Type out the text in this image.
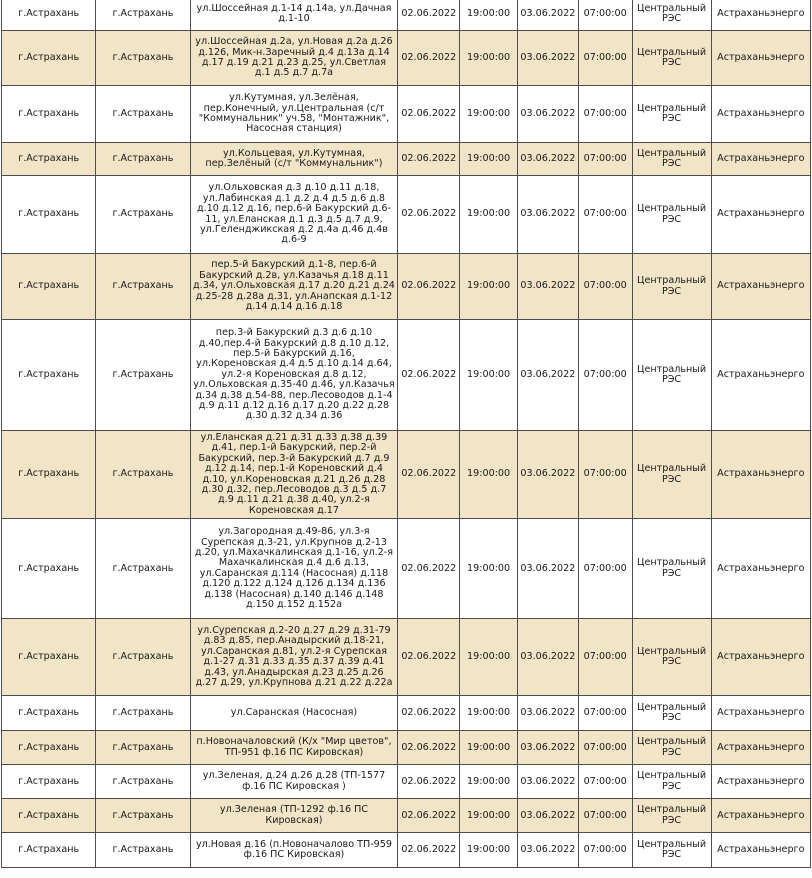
г.Астрахань	г.Астрахань	ул.Шоссейная д.1-14 д.14а, ул.Дачная д.1-10	02.06.2022	19:00:00	03.06.2022	07:00:00	Центральный РЭС	Астраханьэнерго
г.Астрахань	г.Астрахань	ул.Шоссейная д.2а, ул.Новая д.2а д.26 д.126, Мик-н.Заречный д.4 д.13а д.14 д.17 д.19 д.21 д.23 д.25, ул.Светлая д.1 д.5 д.7 д.7а	02.06.2022	19:00:00	03.06.2022	07:00:00	Центральный РЭС	Астраханьэнерго
г.Астрахань	г.Астрахань	ул.Кутумная, ул.Зелёная, пер.Конечный, ул.Центральная (с/т "Коммунальник" уч.58, "Монтажник", Насосная станция)	02.06.2022	19:00:00	03.06.2022	07:00:00	Центральный РЭС	Астраханьэнерго
г.Астрахань	г.Астрахань	ул.Кольцевая, ул.Кутумная, пер.Зелёный (с/т "Коммунальник")	02.06.2022	19:00:00	03.06.2022	07:00:00	Центральный РЭС	Астраханьэнерго
г.Астрахань	г.Астрахань	ул.Ольховская д.3 д.10 д.11 д.18, ул.Лабинская д.1 д.2 д.4 д.5 д.6 д.8 д.10 д.12 д.16, пер.6-й Бакурский д.6-11, ул.Еланская д.1 д.3 д.5 д.7 д.9, ул.Геленджикская д.2 д.4а д.46 д.4в д.6-9	02.06.2022	19:00:00	03.06.2022	07:00:00	Центральный РЭС	Астраханьэнерго
г.Астрахань	г.Астрахань	пер.5-й Бакурский д.1-8, пер.6-й Бакурский д.2в, ул.Казачья д.18 д.11 д.34, ул.Ольховская д.17 д.20 д.21 д.24 д.25-28 д.28а д.31, ул.Анапская д.1-12 д.14 д.14 д.16 д.18	02.06.2022	19:00:00	03.06.2022	07:00:00	Центральный РЭС	Астраханьэнерго
г.Астрахань	г.Астрахань	пер.3-й Бакурский д.3 д.6 д.10 д.40,пер.4-й Бакурский д.8 д.10 д.12, пер.5-й Бакурский д.16, ул.Кореновская д.4 д.5 д.10 д.14 д.64, ул.2-я Кореновская д.8 д.12, ул.Ольховская д.35-40 д.46, ул.Казачья д.34 д.38 д.54-88, пер.Лесоводов д.1-4 д.9 д.11 д.12 д.16 д.17 д.20 д.22 д.28 д.30 д.32 д.34 д.36	02.06.2022	19:00:00	03.06.2022	07:00:00	Центральный РЭС	Астраханьэнерго
г.Астрахань	г.Астрахань	ул.Еланская д.21 д.31 д.33 д.38 д.39 д.41, пер.1-й Бакурский, пер.2-й Бакурский, пер.3-й Бакурский д.7 д.9 д.12 д.14, пер.1-й Кореновский д.4 д.10, ул.Кореновская д.21 д.26 д.28 д.30 д.32, пер.Лесоводов д.3 д.5 д.7 д.9 д.11 д.21 д.38 д.40, ул.2-я Кореновская д.17	02.06.2022	19:00:00	03.06.2022	07:00:00	Центральный РЭС	Астраханьэнерго
г.Астрахань	г.Астрахань	ул.Загородная д.49-86, ул.3-я Сурепская д.3-21, ул.Крупнов д.2-13 д.20, ул.Махачкалинская д.1-16, ул.2-я Махачкалинская д.4 д.6 д.13, ул.Саранская д.114 (Насосная) д.118 д.120 д.122 д.124 д.126 д.134 д.136 д.138 (Насосная) д.140 д.146 д.148 д.150 д.152 д.152а	02.06.2022	19:00:00	03.06.2022	07:00:00	Центральный РЭС	Астраханьэнерго
г.Астрахань	г.Астрахань	ул.Сурепская д.2-20 д.27 д.29 д.31-79 д.83 д.85, пер.Анадырский д.18-21, ул.Саранская д.81, ул.2-я Сурепская д.1-27 д.31 д.33 д.35 д.37 д.39 д.41 д.43, ул.Анадырская д.23 д.25 д.26 д.27 д.29, ул.Крупнова д.21 д.22 д.22а	02.06.2022	19:00:00	03.06.2022	07:00:00	Центральный РЭС	Астраханьэнерго
г.Астрахань	г.Астрахань	ул.Саранская (Насосная)	02.06.2022	19:00:00	03.06.2022	07:00:00	Центральный РЭС	Астраханьэнерго
г.Астрахань	г.Астрахань	п.Новоначаловский (К/х "Мир цветов", ТП-951 ф.16 ПС Кировская)	02.06.2022	19:00:00	03.06.2022	07:00:00	Центральный РЭС	Астраханьэнерго
г.Астрахань	г.Астрахань	ул.Зеленая, д.24 д.26 д.28 (ТП-1577 ф.16 ПС Кировская )	02.06.2022	19:00:00	03.06.2022	07:00:00	Центральный РЭС	Астраханьэнерго
г.Астрахань	г.Астрахань	ул.Зеленая (ТП-1292 ф.16 ПС Кировская)	02.06.2022	19:00:00	03.06.2022	07:00:00	Центральный РЭС	Астраханьэнерго
г.Астрахань	г.Астрахань	ул.Новая д.16 (п.Новоначалово ТП-959 ф.16 ПС Кировская)	02.06.2022	19:00:00	03.06.2022	07:00:00	Центральный РЭС	Астраханьэнерго
